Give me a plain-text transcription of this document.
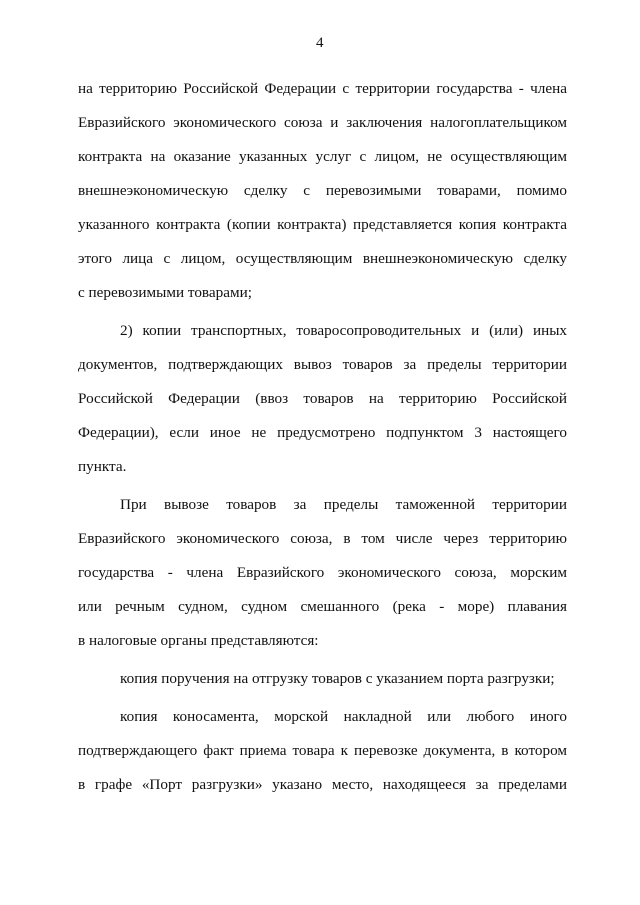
4
на территорию Российской Федерации с территории государства - члена
Евразийского экономического союза и заключения налогоплательщиком
контракта на оказание указанных услуг с лицом, не осуществляющим
внешнеэкономическую сделку с перевозимыми товарами, помимо
указанного контракта (копии контракта) представляется копия контракта
этого лица с лицом, осуществляющим внешнеэкономическую сделку
с перевозимыми товарами;
2) копии транспортных, товаросопроводительных и (или) иных
документов, подтверждающих вывоз товаров за пределы территории
Российской Федерации (ввоз товаров на территорию Российской
Федерации), если иное не предусмотрено подпунктом 3 настоящего
пункта.
При вывозе товаров за пределы таможенной территории
Евразийского экономического союза, в том числе через территорию
государства - члена Евразийского экономического союза, морским
или речным судном, судном смешанного (река - море) плавания
в налоговые органы представляются:
копия поручения на отгрузку товаров с указанием порта разгрузки;
копия коносамента, морской накладной или любого иного
подтверждающего факт приема товара к перевозке документа, в котором
в графе «Порт разгрузки» указано место, находящееся за пределами
